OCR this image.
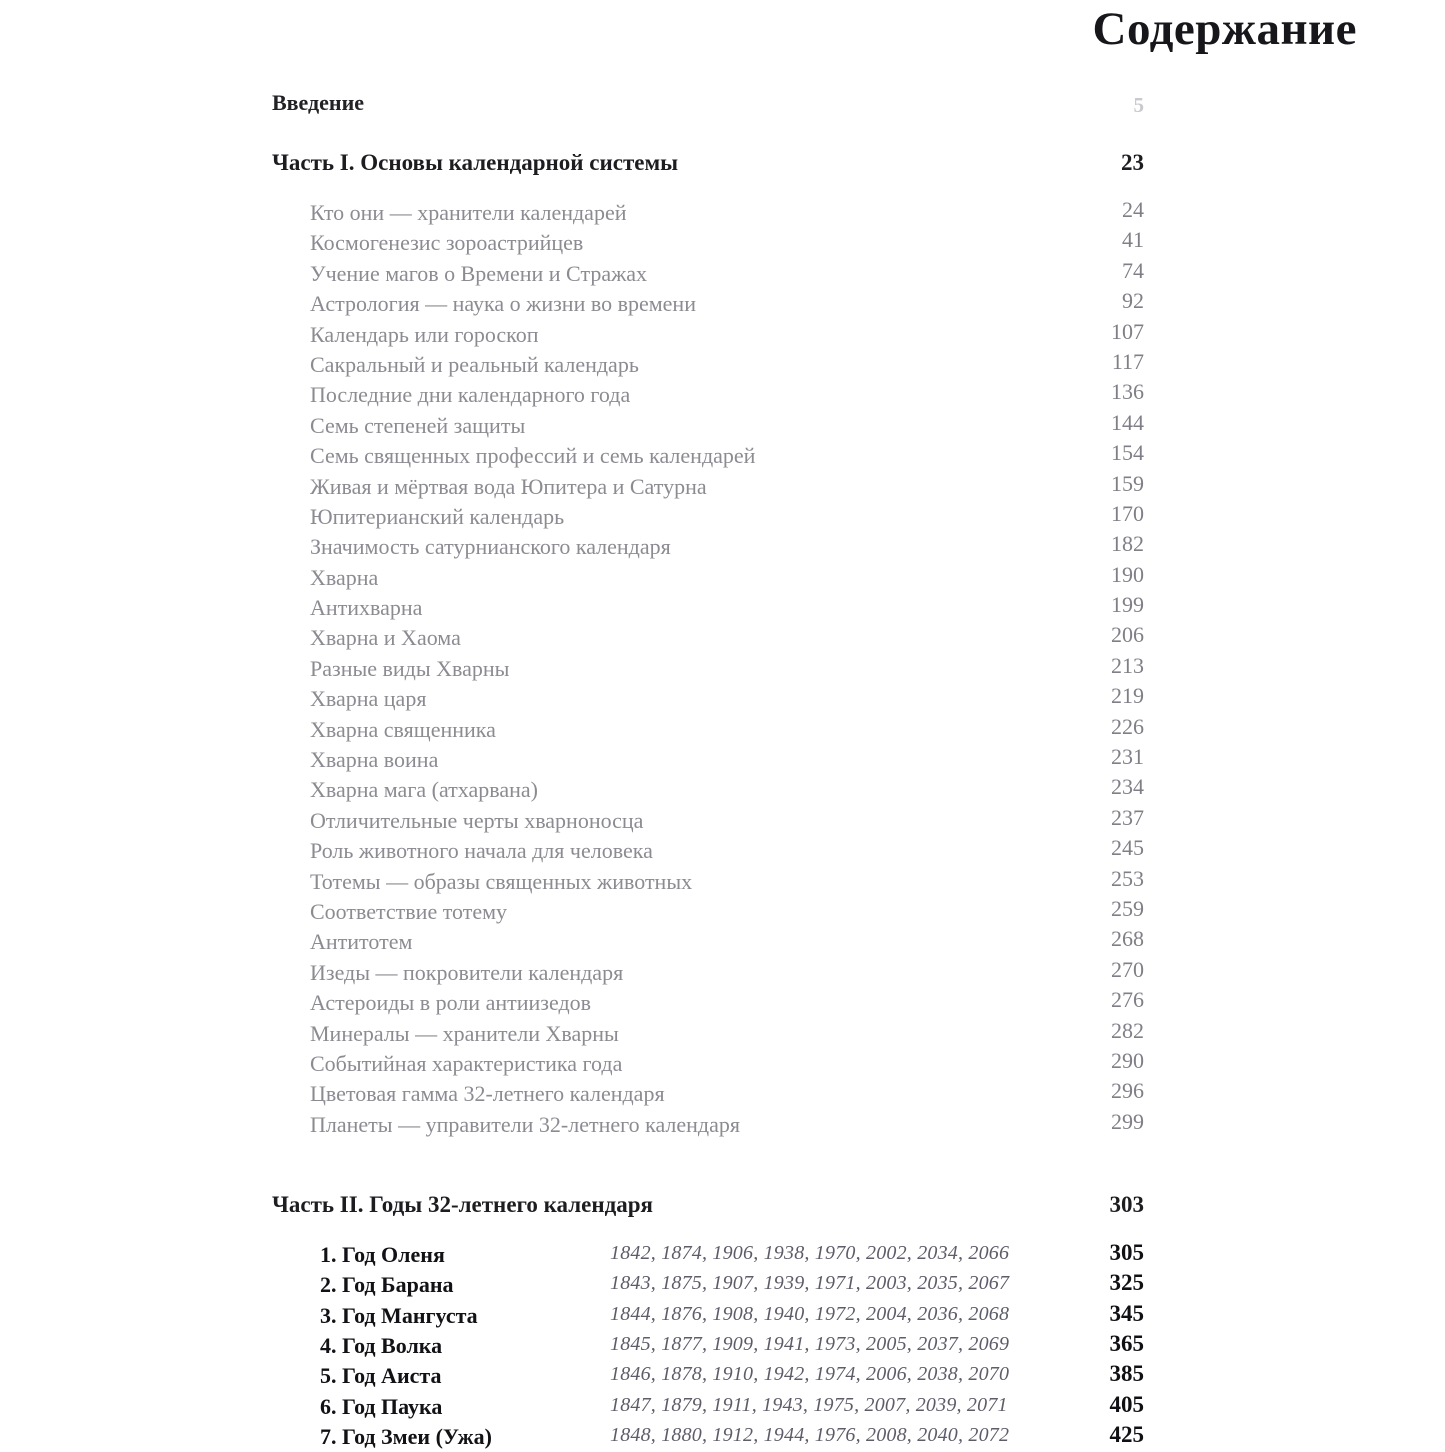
Содержание
Введение	5
Часть I. Основы календарной системы	23
Кто они — хранители календарей	24
Космогенезис зороастрийцев	41
Учение магов о Времени и Стражах	74
Астрология — наука о жизни во времени	92
Календарь или гороскоп	107
Сакральный и реальный календарь	117
Последние дни календарного года	136
Семь степеней защиты	144
Семь священных профессий и семь календарей	154
Живая и мёртвая вода Юпитера и Сатурна	159
Юпитерианский календарь	170
Значимость сатурнианского календаря	182
Хварна	190
Антихварна	199
Хварна и Хаома	206
Разные виды Хварны	213
Хварна царя	219
Хварна священника	226
Хварна воина	231
Хварна мага (атхарвана)	234
Отличительные черты хварноносца	237
Роль животного начала для человека	245
Тотемы — образы священных животных	253
Соответствие тотему	259
Антитотем	268
Изеды — покровители календаря	270
Астероиды в роли антиизедов	276
Минералы — хранители Хварны	282
Событийная характеристика года	290
Цветовая гамма 32-летнего календаря	296
Планеты — управители 32-летнего календаря	299
Часть II. Годы 32-летнего календаря	303
1. Год Оленя	1842, 1874, 1906, 1938, 1970, 2002, 2034, 2066	305
2. Год Барана	1843, 1875, 1907, 1939, 1971, 2003, 2035, 2067	325
3. Год Мангуста	1844, 1876, 1908, 1940, 1972, 2004, 2036, 2068	345
4. Год Волка	1845, 1877, 1909, 1941, 1973, 2005, 2037, 2069	365
5. Год Аиста	1846, 1878, 1910, 1942, 1974, 2006, 2038, 2070	385
6. Год Паука	1847, 1879, 1911, 1943, 1975, 2007, 2039, 2071	405
7. Год Змеи (Ужа)	1848, 1880, 1912, 1944, 1976, 2008, 2040, 2072	425
